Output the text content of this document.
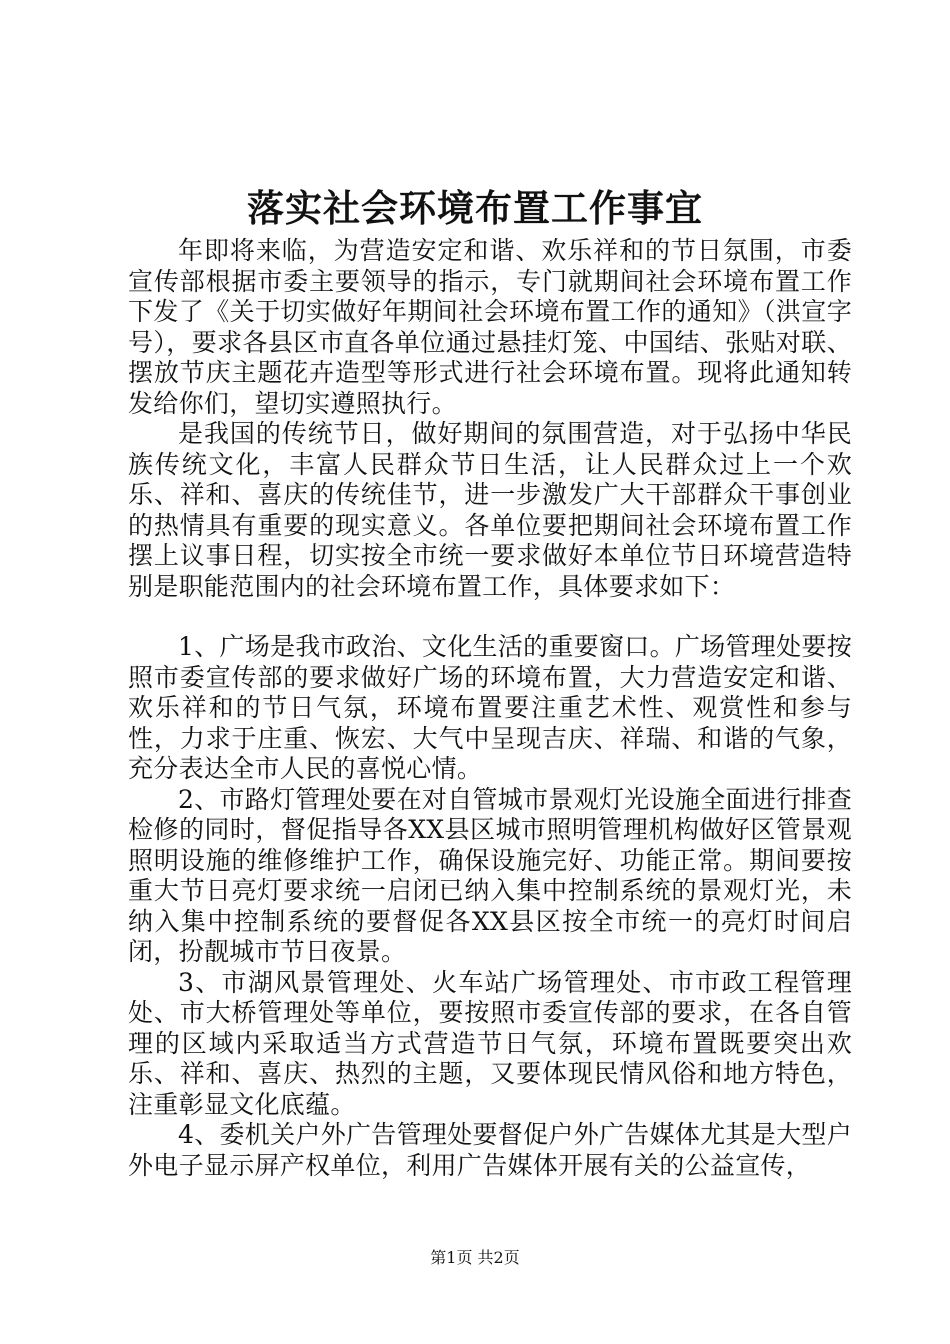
落实社会环境布置工作事宜

年即将来临，为营造安定和谐、欢乐祥和的节日氛围，市委宣传部根据市委主要领导的指示，专门就期间社会环境布置工作下发了《关于切实做好年期间社会环境布置工作的通知》（洪宣字号），要求各县区市直各单位通过悬挂灯笼、中国结、张贴对联、摆放节庆主题花卉造型等形式进行社会环境布置。现将此通知转发给你们，望切实遵照执行。

是我国的传统节日，做好期间的氛围营造，对于弘扬中华民族传统文化，丰富人民群众节日生活，让人民群众过上一个欢乐、祥和、喜庆的传统佳节，进一步激发广大干部群众干事创业的热情具有重要的现实意义。各单位要把期间社会环境布置工作摆上议事日程，切实按全市统一要求做好本单位节日环境营造特别是职能范围内的社会环境布置工作，具体要求如下：

1、广场是我市政治、文化生活的重要窗口。广场管理处要按照市委宣传部的要求做好广场的环境布置，大力营造安定和谐、欢乐祥和的节日气氛，环境布置要注重艺术性、观赏性和参与性，力求于庄重、恢宏、大气中呈现吉庆、祥瑞、和谐的气象，充分表达全市人民的喜悦心情。

2、市路灯管理处要在对自管城市景观灯光设施全面进行排查检修的同时，督促指导各XX县区城市照明管理机构做好区管景观照明设施的维修维护工作，确保设施完好、功能正常。期间要按重大节日亮灯要求统一启闭已纳入集中控制系统的景观灯光，未纳入集中控制系统的要督促各XX县区按全市统一的亮灯时间启闭，扮靓城市节日夜景。

3、市湖风景管理处、火车站广场管理处、市市政工程管理处、市大桥管理处等单位，要按照市委宣传部的要求，在各自管理的区域内采取适当方式营造节日气氛，环境布置既要突出欢乐、祥和、喜庆、热烈的主题，又要体现民情风俗和地方特色，注重彰显文化底蕴。

4、委机关户外广告管理处要督促户外广告媒体尤其是大型户外电子显示屏产权单位，利用广告媒体开展有关的公益宣传，

第1页 共2页
